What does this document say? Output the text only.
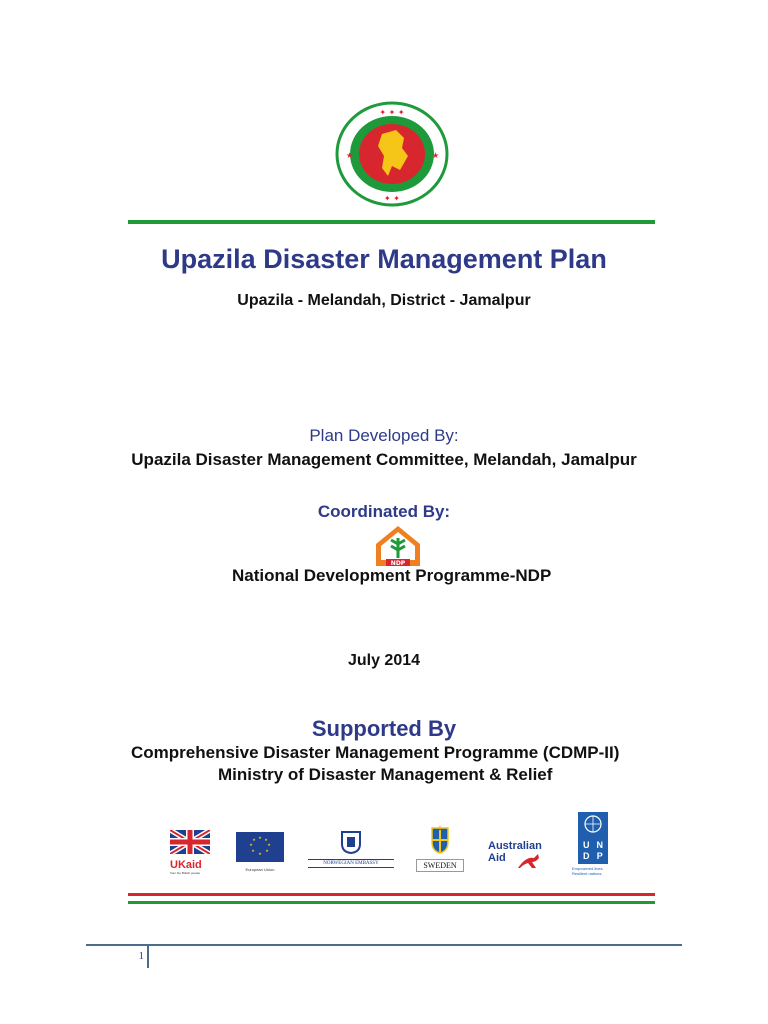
✦ ✦ ✦
★	★
✦ ✦
Upazila Disaster Management Plan
Upazila - Melandah, District - Jamalpur
Plan Developed By:
Upazila Disaster Management Committee, Melandah, Jamalpur
Coordinated By:
NDP
National Development Programme-NDP
July 2014
Supported By
Comprehensive Disaster Management Programme (CDMP-II)
Ministry of Disaster Management & Relief
UKaid
from the British people
★ ★
★
★
★
★
★
★
European Union
NORWEGIAN EMBASSY
♛
SWEDEN
Australian
Aid
U N
D P
Empowered lives.
Resilient nations.
1
